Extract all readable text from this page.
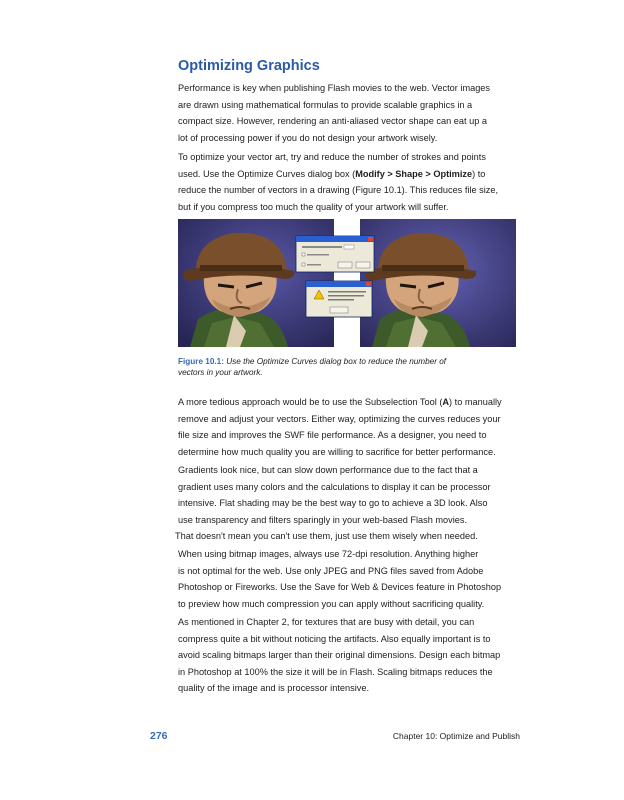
Optimizing Graphics

Performance is key when publishing Flash movies to the web. Vector images
are drawn using mathematical formulas to provide scalable graphics in a
compact size. However, rendering an anti-aliased vector shape can eat up a
lot of processing power if you do not design your artwork wisely.

To optimize your vector art, try and reduce the number of strokes and points
used. Use the Optimize Curves dialog box (Modify > Shape > Optimize) to
reduce the number of vectors in a drawing (Figure 10.1). This reduces file size,
but if you compress too much the quality of your artwork will suffer.

Figure 10.1: Use the Optimize Curves dialog box to reduce the number of
vectors in your artwork.

A more tedious approach would be to use the Subselection Tool (A) to manually
remove and adjust your vectors. Either way, optimizing the curves reduces your
file size and improves the SWF file performance. As a designer, you need to
determine how much quality you are willing to sacrifice for better performance.

Gradients look nice, but can slow down performance due to the fact that a
gradient uses many colors and the calculations to display it can be processor
intensive. Flat shading may be the best way to go to achieve a 3D look. Also
use transparency and filters sparingly in your web-based Flash movies.
That doesn't mean you can't use them, just use them wisely when needed.

When using bitmap images, always use 72-dpi resolution. Anything higher
is not optimal for the web. Use only JPEG and PNG files saved from Adobe
Photoshop or Fireworks. Use the Save for Web & Devices feature in Photoshop
to preview how much compression you can apply without sacrificing quality.

As mentioned in Chapter 2, for textures that are busy with detail, you can
compress quite a bit without noticing the artifacts. Also equally important is to
avoid scaling bitmaps larger than their original dimensions. Design each bitmap
in Photoshop at 100% the size it will be in Flash. Scaling bitmaps reduces the
quality of the image and is processor intensive.

276	Chapter 10: Optimize and Publish
